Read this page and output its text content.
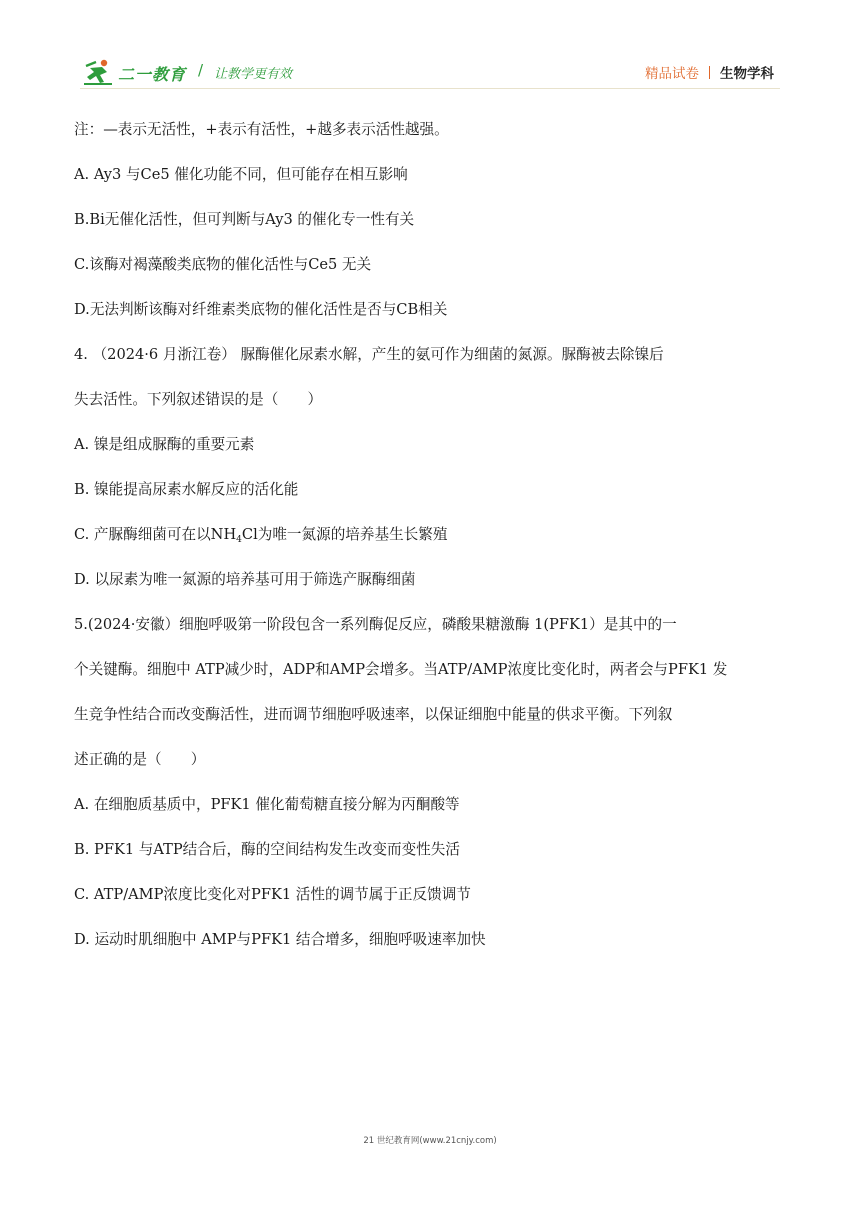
二一教育 / 让教学更有效	精品试卷 生物学科
注：—表示无活性，+表示有活性，+越多表示活性越强。
A. Ay3 与Ce5 催化功能不同，但可能存在相互影响
B.Bi无催化活性，但可判断与Ay3 的催化专一性有关
C.该酶对褐藻酸类底物的催化活性与Ce5 无关
D.无法判断该酶对纤维素类底物的催化活性是否与CB相关
4. （2024·6 月浙江卷） 脲酶催化尿素水解，产生的氨可作为细菌的氮源。脲酶被去除镍后
失去活性。下列叙述错误的是（　　）
A. 镍是组成脲酶的重要元素
B. 镍能提高尿素水解反应的活化能
C. 产脲酶细菌可在以$NH_4Cl$为唯一氮源的培养基生长繁殖
D. 以尿素为唯一氮源的培养基可用于筛选产脲酶细菌
5.(2024·安徽）细胞呼吸第一阶段包含一系列酶促反应，磷酸果糖激酶 1(PFK1）是其中的一
个关键酶。细胞中 ATP减少时，ADP和AMP会增多。当ATP/AMP浓度比变化时，两者会与PFK1 发
生竞争性结合而改变酶活性，进而调节细胞呼吸速率，以保证细胞中能量的供求平衡。下列叙
述正确的是（　　）
A. 在细胞质基质中，PFK1 催化葡萄糖直接分解为丙酮酸等
B. PFK1 与ATP结合后，酶的空间结构发生改变而变性失活
C. ATP/AMP浓度比变化对PFK1 活性的调节属于正反馈调节
D. 运动时肌细胞中 AMP与PFK1 结合增多，细胞呼吸速率加快
21 世纪教育网(www.21cnjy.com)
